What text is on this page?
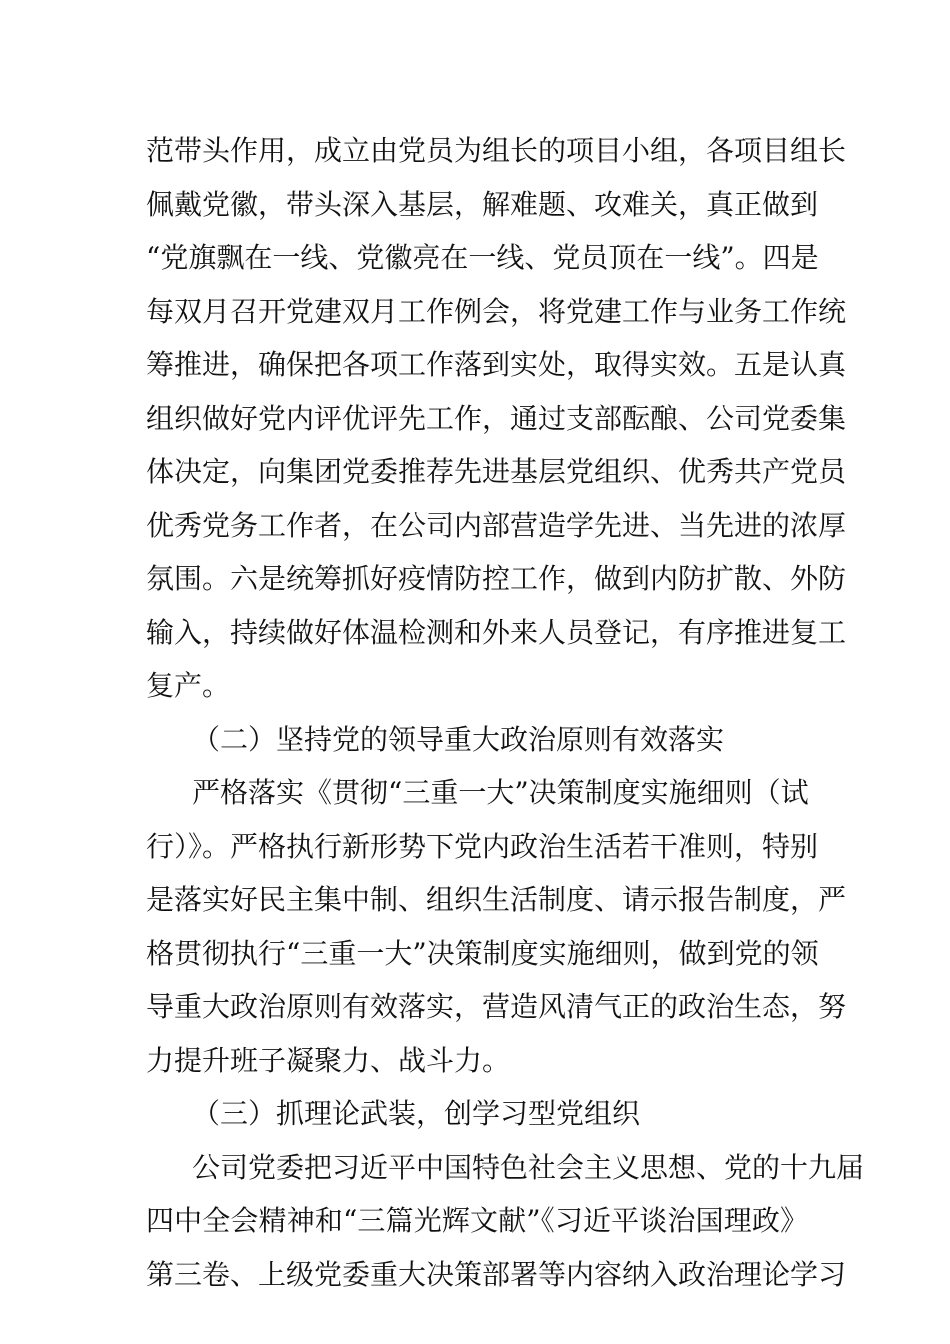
范带头作用，成立由党员为组长的项目小组，各项目组长
佩戴党徽，带头深入基层，解难题、攻难关，真正做到
“党旗飘在一线、党徽亮在一线、党员顶在一线”。四是
每双月召开党建双月工作例会，将党建工作与业务工作统
筹推进，确保把各项工作落到实处，取得实效。五是认真
组织做好党内评优评先工作，通过支部酝酿、公司党委集
体决定，向集团党委推荐先进基层党组织、优秀共产党员
优秀党务工作者，在公司内部营造学先进、当先进的浓厚
氛围。六是统筹抓好疫情防控工作，做到内防扩散、外防
输入，持续做好体温检测和外来人员登记，有序推进复工
复产。
（二）坚持党的领导重大政治原则有效落实
严格落实《贯彻“三重一大”决策制度实施细则（试
行）》。严格执行新形势下党内政治生活若干准则，特别
是落实好民主集中制、组织生活制度、请示报告制度，严
格贯彻执行“三重一大”决策制度实施细则，做到党的领
导重大政治原则有效落实，营造风清气正的政治生态，努
力提升班子凝聚力、战斗力。
（三）抓理论武装，创学习型党组织
公司党委把习近平中国特色社会主义思想、党的十九届
四中全会精神和“三篇光辉文献”《习近平谈治国理政》
第三卷、上级党委重大决策部署等内容纳入政治理论学习
